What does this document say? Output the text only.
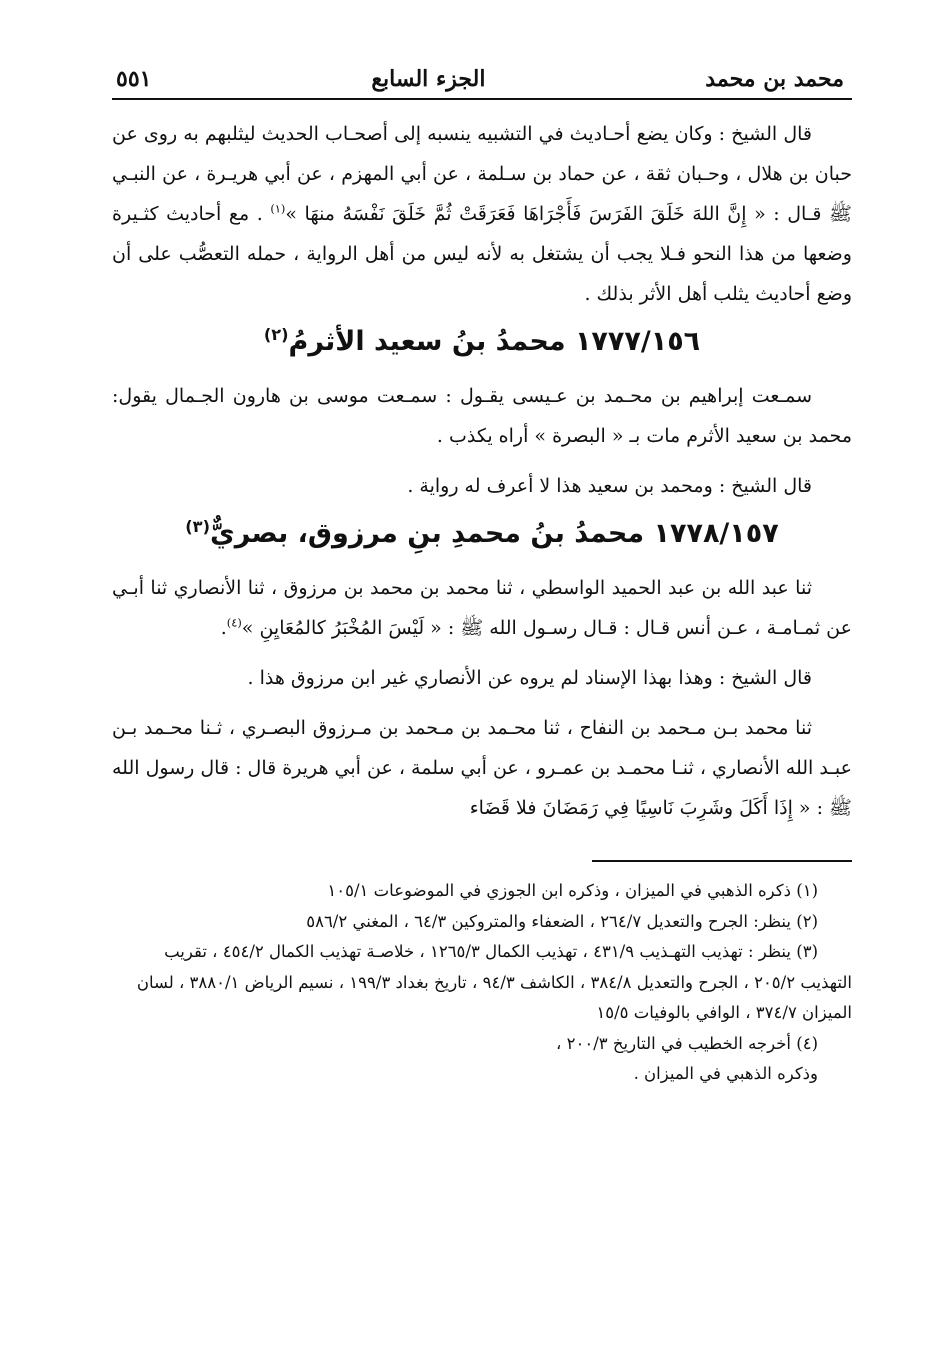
محمد بن محمد
الجزء السابع
٥٥١

قال الشيخ : وكان يضع أحـاديث في التشبيه ينسبه إلى أصحـاب الحديث ليثلبهم به روى عن حبان بن هلال ، وحـبان ثقة ، عن حماد بن سـلمة ، عن أبي المهزم ، عن أبي هريـرة ، عن النبـي ﷺ قـال : « إِنَّ اللهَ خَلَقَ الفَرَسَ فَأَجْرَاهَا فَعَرَقَتْ ثُمَّ خَلَقَ نَفْسَهُ منهَا »$^{(١)}$ . مع أحاديث كثـيرة وضعها من هذا النحو فـلا يجب أن يشتغل به لأنه ليس من أهل الرواية ، حمله التعصُّب على أن وضع أحاديث يثلب أهل الأثر بذلك .

١٧٧٧/١٥٦ محمدُ بنُ سعيد الأثرمُ$^{(٢)}$

سمـعت إبراهيم بن محـمد بن عـيسى يقـول : سمـعت موسى بن هارون الجـمال يقول: محمد بن سعيد الأثرم مات بـ « البصرة » أراه يكذب .

قال الشيخ : ومحمد بن سعيد هذا لا أعرف له رواية .

١٧٧٨/١٥٧ محمدُ بنُ محمدِ بنِ مرزوق، بصريٌّ$^{(٣)}$

ثنا عبد الله بن عبد الحميد الواسطي ، ثنا محمد بن محمد بن مرزوق ، ثنا الأنصاري ثنا أبـي عن ثمـامـة ، عـن أنس قـال : قـال رسـول الله ﷺ : « لَيْسَ المُخْبَرُ كالمُعَايِنِ »$^{(٤)}$.

قال الشيخ : وهذا بهذا الإسناد لم يروه عن الأنصاري غير ابن مرزوق هذا .

ثنا محمد بـن مـحمد بن النفاح ، ثنا محـمد بن مـحمد بن مـرزوق البصـري ، ثـنا محـمد بـن عبـد الله الأنصاري ، ثنـا محمـد بن عمـرو ، عن أبي سلمة ، عن أبي هريرة قال : قال رسول الله ﷺ : « إِذَا أَكَلَ وشَرِبَ نَاسِيًا فِي رَمَضَانَ فلا قَضَاء

(١) ذكره الذهبي في الميزان ، وذكره ابن الجوزي في الموضوعات ١٠٥/١

(٢) ينظر: الجرح والتعديل ٢٦٤/٧ ، الضعفاء والمتروكين ٦٤/٣ ، المغني ٥٨٦/٢

(٣) ينظر : تهذيب التهـذيب ٤٣١/٩ ، تهذيب الكمال ١٢٦٥/٣ ، خلاصـة تهذيب الكمال ٤٥٤/٢ ، تقريب التهذيب ٢٠٥/٢ ، الجرح والتعديل ٣٨٤/٨ ، الكاشف ٩٤/٣ ، تاريخ بغداد ١٩٩/٣ ، نسيم الرياض ٣٨٨٠/١ ، لسان الميزان ٣٧٤/٧ ، الوافي بالوفيات ١٥/٥

(٤) أخرجه الخطيب في التاريخ ٢٠٠/٣ ،

وذكره الذهبي في الميزان .
